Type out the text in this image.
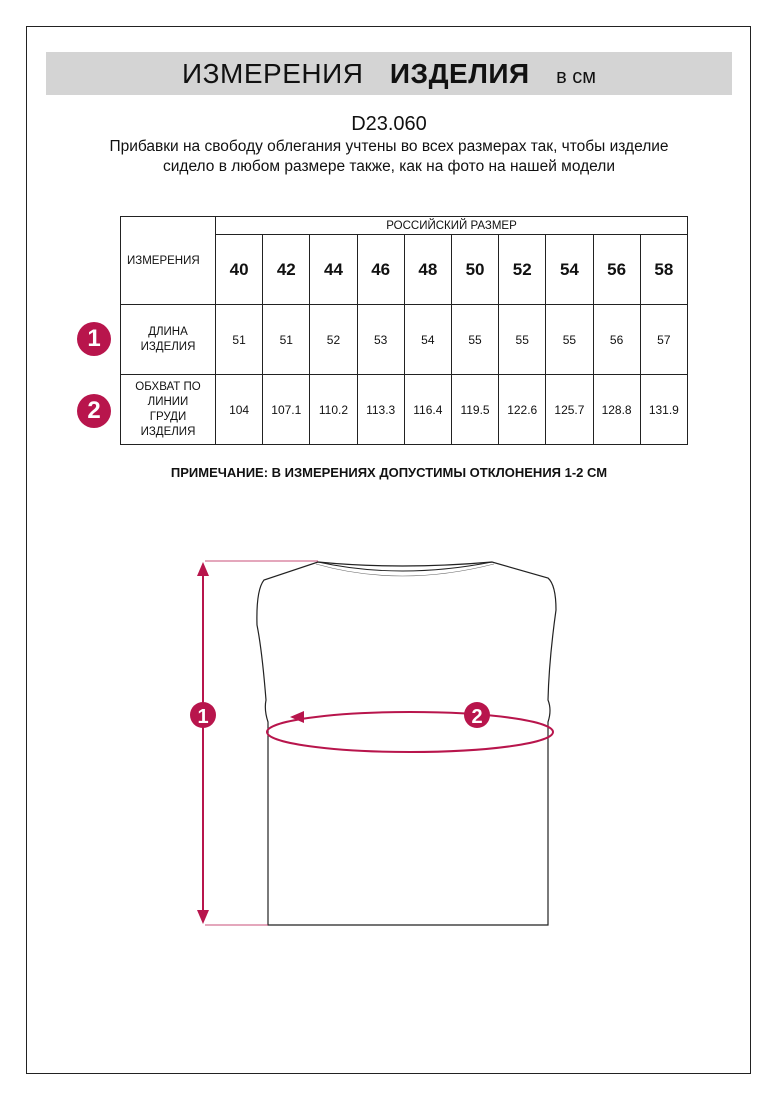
ИЗМЕРЕНИЯ ИЗДЕЛИЯ в см
D23.060
Прибавки на свободу облегания учтены во всех размерах так, чтобы изделие сидело в любом размере также, как на фото на нашей модели
ИЗМЕРЕНИЯ	РОССИЙСКИЙ РАЗМЕР									
	40	42	44	46	48	50	52	54	56	58
ДЛИНА ИЗДЕЛИЯ	51	51	52	53	54	55	55	55	56	57
ОБХВАТ ПО ЛИНИИ ГРУДИ ИЗДЕЛИЯ	104	107.1	110.2	113.3	116.4	119.5	122.6	125.7	128.8	131.9
1
2
ПРИМЕЧАНИЕ: В ИЗМЕРЕНИЯХ ДОПУСТИМЫ ОТКЛОНЕНИЯ 1-2 СМ
1	2
